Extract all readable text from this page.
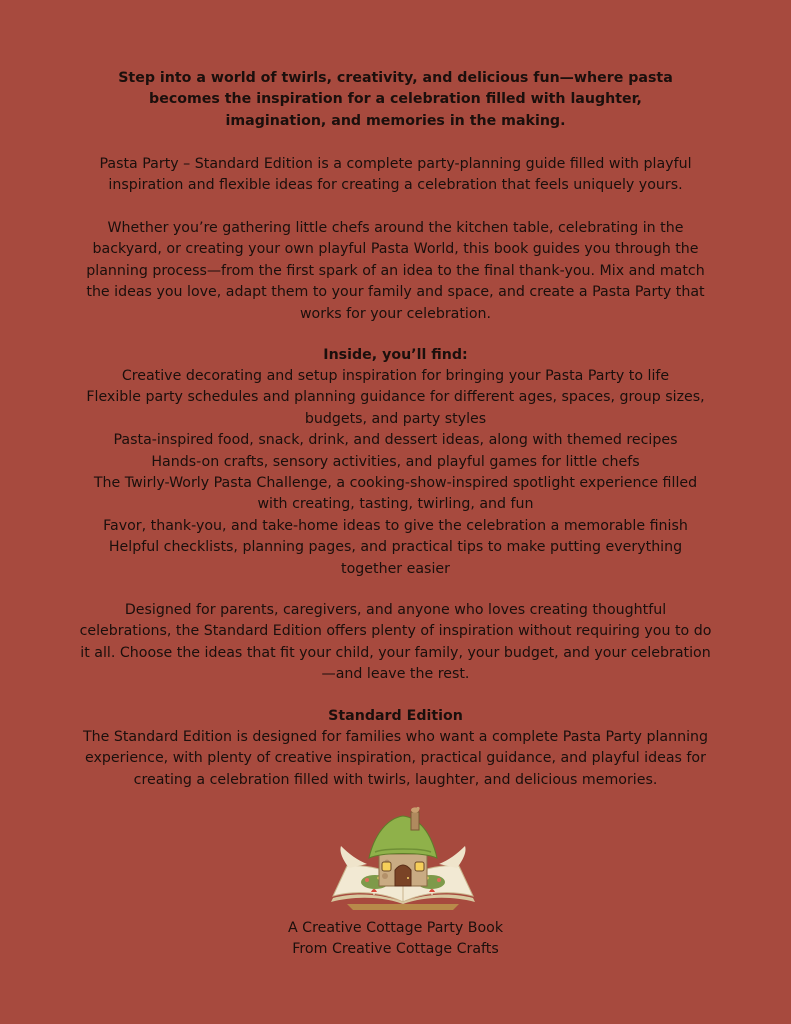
Step into a world of twirls, creativity, and delicious fun—where pasta
becomes the inspiration for a celebration filled with laughter,
imagination, and memories in the making.
Pasta Party – Standard Edition is a complete party-planning guide filled with playful
inspiration and flexible ideas for creating a celebration that feels uniquely yours.
Whether you’re gathering little chefs around the kitchen table, celebrating in the
backyard, or creating your own playful Pasta World, this book guides you through the
planning process—from the first spark of an idea to the final thank-you. Mix and match
the ideas you love, adapt them to your family and space, and create a Pasta Party that
works for your celebration.
Inside, you’ll find:
Creative decorating and setup inspiration for bringing your Pasta Party to life
Flexible party schedules and planning guidance for different ages, spaces, group sizes, budgets, and party styles
Pasta-inspired food, snack, drink, and dessert ideas, along with themed recipes
Hands-on crafts, sensory activities, and playful games for little chefs
The Twirly-Worly Pasta Challenge, a cooking-show-inspired spotlight experience filled with creating, tasting, twirling, and fun
Favor, thank-you, and take-home ideas to give the celebration a memorable finish
Helpful checklists, planning pages, and practical tips to make putting everything together easier
Designed for parents, caregivers, and anyone who loves creating thoughtful
celebrations, the Standard Edition offers plenty of inspiration without requiring you to do
it all. Choose the ideas that fit your child, your family, your budget, and your celebration
—and leave the rest.
Standard Edition
The Standard Edition is designed for families who want a complete Pasta Party planning
experience, with plenty of creative inspiration, practical guidance, and playful ideas for
creating a celebration filled with twirls, laughter, and delicious memories.
A Creative Cottage Party Book
From Creative Cottage Crafts
